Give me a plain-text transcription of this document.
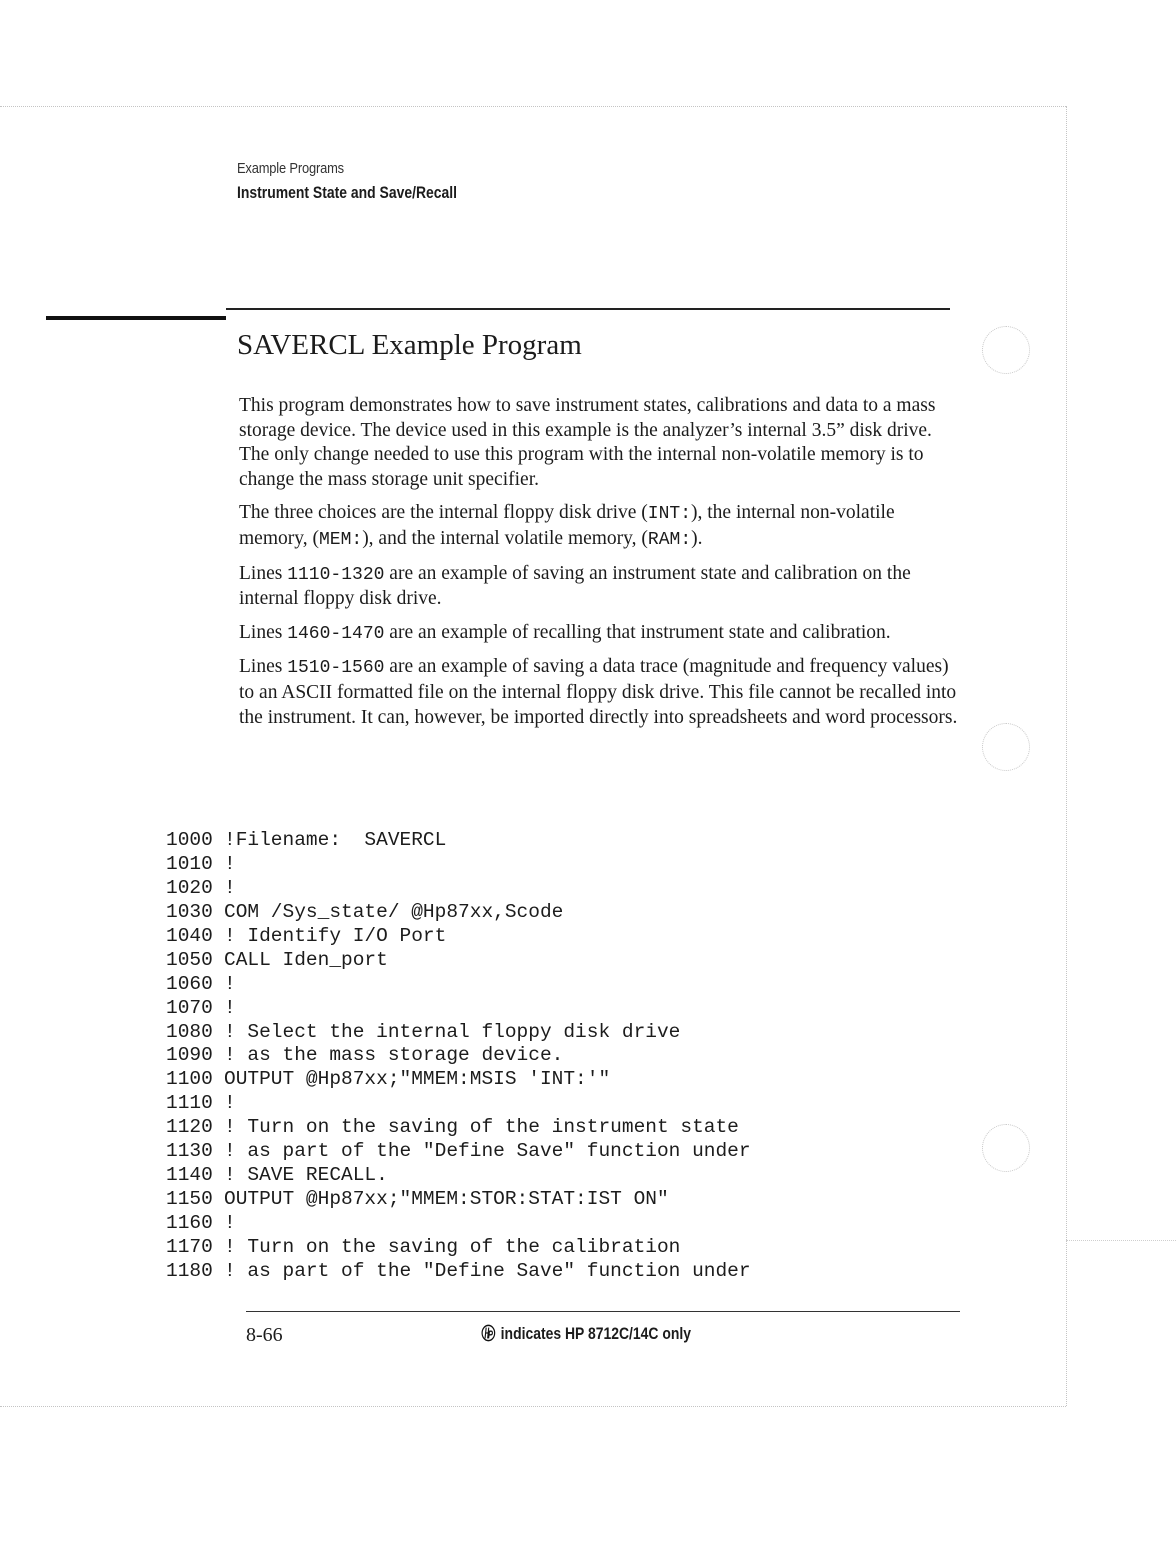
Example Programs
Instrument State and Save/Recall
SAVERCL Example Program

This program demonstrates how to save instrument states, calibrations and data to a mass storage device. The device used in this example is the analyzer’s internal 3.5” disk drive. The only change needed to use this program with the internal non-volatile memory is to change the mass storage unit specifier.

The three choices are the internal floppy disk drive (INT:), the internal non-volatile memory, (MEM:), and the internal volatile memory, (RAM:).

Lines 1110-1320 are an example of saving an instrument state and calibration on the internal floppy disk drive.

Lines 1460-1470 are an example of recalling that instrument state and calibration.

Lines 1510-1560 are an example of saving a data trace (magnitude and frequency values) to an ASCII formatted file on the internal floppy disk drive. This file cannot be recalled into the instrument. It can, however, be imported directly into spreadsheets and word processors.

1000 !Filename:  SAVERCL
1010 !
1020 !
1030 COM /Sys_state/ @Hp87xx,Scode
1040 ! Identify I/O Port
1050 CALL Iden_port
1060 !
1070 !
1080 ! Select the internal floppy disk drive
1090 ! as the mass storage device.
1100 OUTPUT @Hp87xx;"MMEM:MSIS 'INT:'"
1110 !
1120 ! Turn on the saving of the instrument state
1130 ! as part of the "Define Save" function under
1140 ! SAVE RECALL.
1150 OUTPUT @Hp87xx;"MMEM:STOR:STAT:IST ON"
1160 !
1170 ! Turn on the saving of the calibration
1180 ! as part of the "Define Save" function under
8-66	indicates HP 8712C/14C only
